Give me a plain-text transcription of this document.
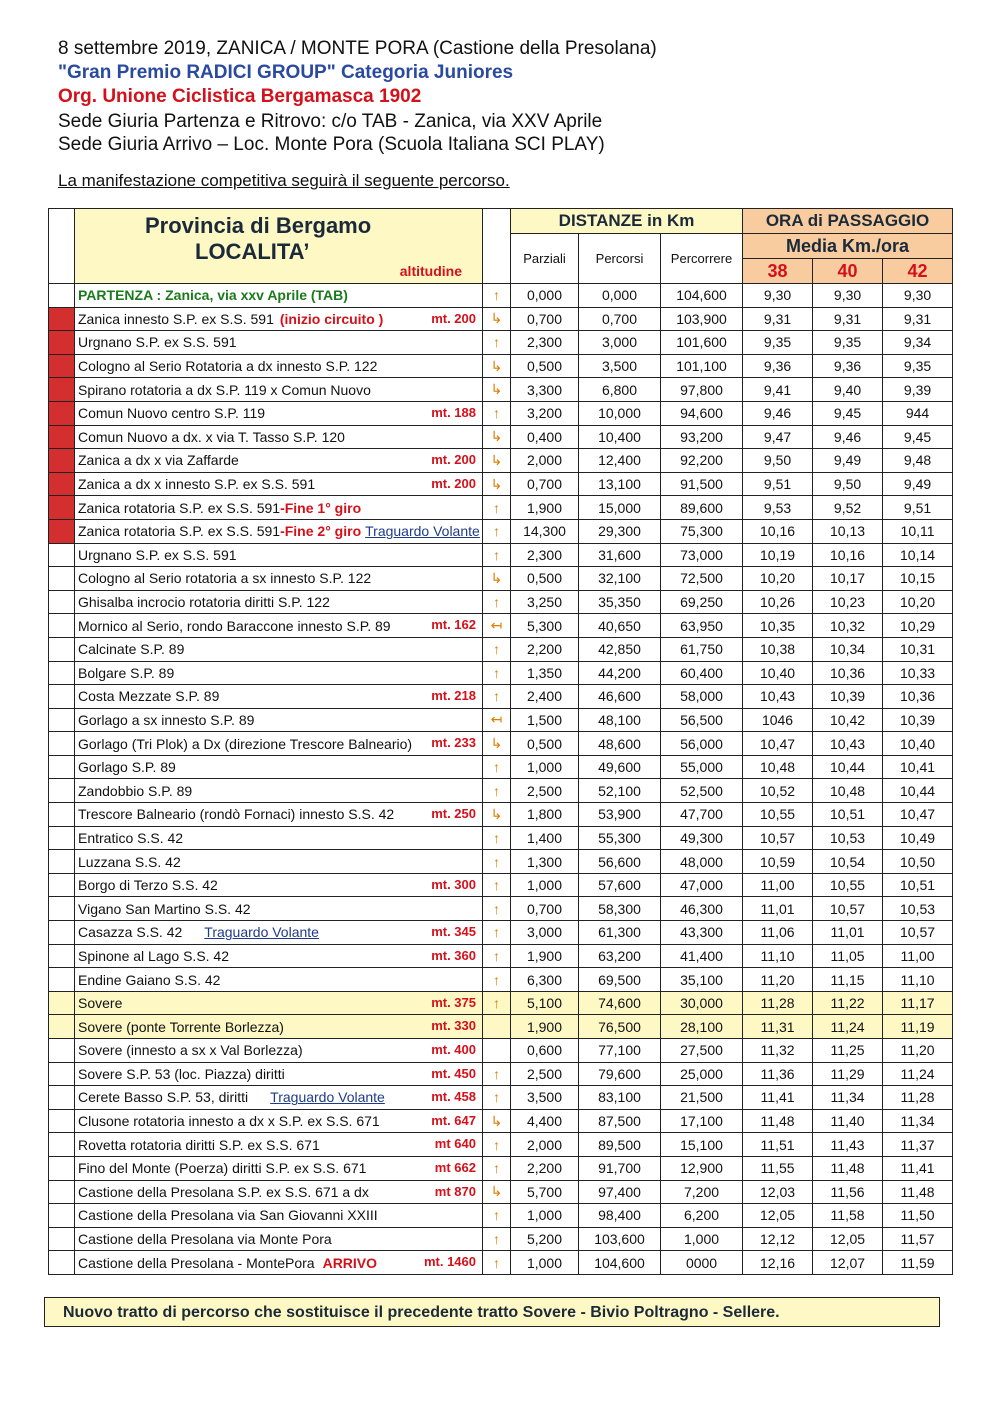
8 settembre 2019, ZANICA / MONTE PORA (Castione della Presolana)
"Gran Premio RADICI GROUP" Categoria Juniores
Org. Unione Ciclistica Bergamasca 1902
Sede Giuria Partenza e Ritrovo: c/o TAB - Zanica, via XXV Aprile
Sede Giuria Arrivo – Loc. Monte Pora (Scuola Italiana SCI PLAY)
La manifestazione competitiva seguirà il seguente percorso.
	Provincia di Bergamo
LOCALITA’
altitudine		DISTANZE in Km			ORA di PASSAGGIO		
			Parziali	Percorsi	Percorrere	Media Km./ora		
						38	40	42
	PARTENZA : Zanica, via xxv Aprile (TAB)	↑	0,000	0,000	104,600	9,30	9,30	9,30
	Zanica innesto S.P. ex S.S. 591 (inizio circuito ) mt. 200	↳	0,700	0,700	103,900	9,31	9,31	9,31
	Urgnano S.P. ex S.S. 591	↑	2,300	3,000	101,600	9,35	9,35	9,34
	Cologno al Serio Rotatoria a dx innesto S.P. 122	↳	0,500	3,500	101,100	9,36	9,36	9,35
	Spirano rotatoria a dx S.P. 119 x Comun Nuovo	↳	3,300	6,800	97,800	9,41	9,40	9,39
	Comun Nuovo centro S.P. 119 mt. 188	↑	3,200	10,000	94,600	9,46	9,45	944
	Comun Nuovo a dx. x via T. Tasso S.P. 120	↳	0,400	10,400	93,200	9,47	9,46	9,45
	Zanica a dx x via Zaffarde mt. 200	↳	2,000	12,400	92,200	9,50	9,49	9,48
	Zanica a dx x innesto S.P. ex S.S. 591 mt. 200	↳	0,700	13,100	91,500	9,51	9,50	9,49
	Zanica rotatoria S.P. ex S.S. 591-Fine 1° giro	↑	1,900	15,000	89,600	9,53	9,52	9,51
	Zanica rotatoria S.P. ex S.S. 591-Fine 2° giro Traguardo Volante	↑	14,300	29,300	75,300	10,16	10,13	10,11
	Urgnano S.P. ex S.S. 591	↑	2,300	31,600	73,000	10,19	10,16	10,14
	Cologno al Serio rotatoria a sx innesto S.P. 122	↳	0,500	32,100	72,500	10,20	10,17	10,15
	Ghisalba incrocio rotatoria diritti S.P. 122	↑	3,250	35,350	69,250	10,26	10,23	10,20
	Mornico al Serio, rondo Baraccone innesto S.P. 89 mt. 162	↤	5,300	40,650	63,950	10,35	10,32	10,29
	Calcinate S.P. 89	↑	2,200	42,850	61,750	10,38	10,34	10,31
	Bolgare S.P. 89	↑	1,350	44,200	60,400	10,40	10,36	10,33
	Costa Mezzate S.P. 89 mt. 218	↑	2,400	46,600	58,000	10,43	10,39	10,36
	Gorlago a sx innesto S.P. 89	↤	1,500	48,100	56,500	1046	10,42	10,39
	Gorlago (Tri Plok) a Dx (direzione Trescore Balneario) mt. 233	↳	0,500	48,600	56,000	10,47	10,43	10,40
	Gorlago S.P. 89	↑	1,000	49,600	55,000	10,48	10,44	10,41
	Zandobbio S.P. 89	↑	2,500	52,100	52,500	10,52	10,48	10,44
	Trescore Balneario (rondò Fornaci) innesto S.S. 42 mt. 250	↳	1,800	53,900	47,700	10,55	10,51	10,47
	Entratico S.S. 42	↑	1,400	55,300	49,300	10,57	10,53	10,49
	Luzzana S.S. 42	↑	1,300	56,600	48,000	10,59	10,54	10,50
	Borgo di Terzo S.S. 42 mt. 300	↑	1,000	57,600	47,000	11,00	10,55	10,51
	Vigano San Martino S.S. 42	↑	0,700	58,300	46,300	11,01	10,57	10,53
	Casazza S.S. 42 Traguardo Volante mt. 345	↑	3,000	61,300	43,300	11,06	11,01	10,57
	Spinone al Lago S.S. 42 mt. 360	↑	1,900	63,200	41,400	11,10	11,05	11,00
	Endine Gaiano S.S. 42	↑	6,300	69,500	35,100	11,20	11,15	11,10
	Sovere mt. 375	↑	5,100	74,600	30,000	11,28	11,22	11,17
	Sovere (ponte Torrente Borlezza) mt. 330		1,900	76,500	28,100	11,31	11,24	11,19
	Sovere (innesto a sx x Val Borlezza) mt. 400		0,600	77,100	27,500	11,32	11,25	11,20
	Sovere S.P. 53 (loc. Piazza) diritti mt. 450	↑	2,500	79,600	25,000	11,36	11,29	11,24
	Cerete Basso S.P. 53, diritti Traguardo Volante mt. 458	↑	3,500	83,100	21,500	11,41	11,34	11,28
	Clusone rotatoria innesto a dx x S.P. ex S.S. 671 mt. 647	↳	4,400	87,500	17,100	11,48	11,40	11,34
	Rovetta rotatoria diritti S.P. ex S.S. 671 mt 640	↑	2,000	89,500	15,100	11,51	11,43	11,37
	Fino del Monte (Poerza) diritti S.P. ex S.S. 671 mt 662	↑	2,200	91,700	12,900	11,55	11,48	11,41
	Castione della Presolana S.P. ex S.S. 671 a dx mt 870	↳	5,700	97,400	7,200	12,03	11,56	11,48
	Castione della Presolana via San Giovanni XXIII	↑	1,000	98,400	6,200	12,05	11,58	11,50
	Castione della Presolana via Monte Pora	↑	5,200	103,600	1,000	12,12	12,05	11,57
	Castione della Presolana - MontePora ARRIVO mt. 1460	↑	1,000	104,600	0000	12,16	12,07	11,59
Nuovo tratto di percorso che sostituisce il precedente tratto Sovere - Bivio Poltragno - Sellere.
